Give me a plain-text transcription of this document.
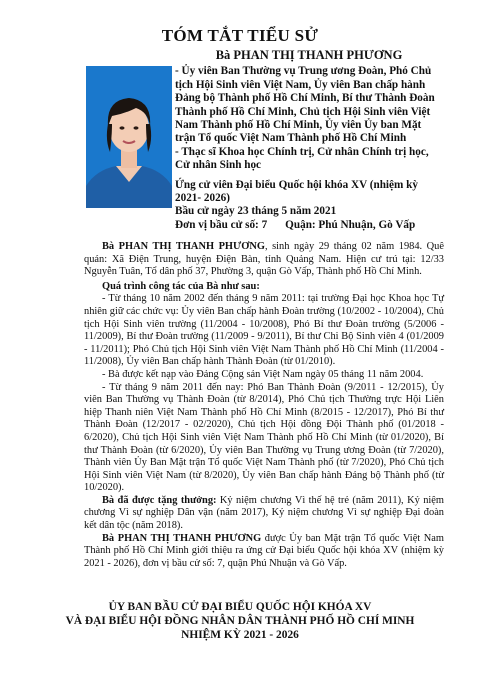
TÓM TẮT TIỂU SỬ

Bà PHAN THỊ THANH PHƯƠNG

- Ủy viên Ban Thường vụ Trung ương Đoàn, Phó Chủ tịch Hội Sinh viên Việt Nam, Ủy viên Ban chấp hành Đảng bộ Thành phố Hồ Chí Minh, Bí thư Thành Đoàn Thành phố Hồ Chí Minh, Chủ tịch Hội Sinh viên Việt Nam Thành phố Hồ Chí Minh, Ủy viên Ủy ban Mặt trận Tổ quốc Việt Nam Thành phố Hồ Chí Minh

- Thạc sĩ Khoa học Chính trị, Cử nhân Chính trị học, Cử nhân Sinh học

Ứng cử viên Đại biểu Quốc hội khóa XV (nhiệm kỳ 2021- 2026)

Bầu cử ngày 23 tháng 5 năm 2021

Đơn vị bầu cử số: 7 Quận: Phú Nhuận, Gò Vấp

Bà PHAN THỊ THANH PHƯƠNG, sinh ngày 29 tháng 02 năm 1984. Quê quán: Xã Điện Trung, huyện Điện Bàn, tỉnh Quảng Nam. Hiện cư trú tại: 12/33 Nguyễn Tuân, Tổ dân phố 37, Phường 3, quận Gò Vấp, Thành phố Hồ Chí Minh.

Quá trình công tác của Bà như sau:

- Từ tháng 10 năm 2002 đến tháng 9 năm 2011: tại trường Đại học Khoa học Tự nhiên giữ các chức vụ: Ủy viên Ban chấp hành Đoàn trường (10/2002 - 10/2004), Chủ tịch Hội Sinh viên trường (11/2004 - 10/2008), Phó Bí thư Đoàn trường (5/2006 - 11/2009), Bí thư Đoàn trường (11/2009 - 9/2011), Bí thư Chi Bộ Sinh viên 4 (01/2009 - 11/2011); Phó Chủ tịch Hội Sinh viên Việt Nam Thành phố Hồ Chí Minh (11/2004 - 11/2008), Ủy viên Ban chấp hành Thành Đoàn (từ 01/2010).

- Bà được kết nạp vào Đảng Cộng sản Việt Nam ngày 05 tháng 11 năm 2004.

- Từ tháng 9 năm 2011 đến nay: Phó Ban Thành Đoàn (9/2011 - 12/2015), Ủy viên Ban Thường vụ Thành Đoàn (từ 8/2014), Phó Chủ tịch Thường trực Hội Liên hiệp Thanh niên Việt Nam Thành phố Hồ Chí Minh (8/2015 - 12/2017), Phó Bí thư Thành Đoàn (12/2017 - 02/2020), Chủ tịch Hội đồng Đội Thành phố (01/2018 - 6/2020), Chủ tịch Hội Sinh viên Việt Nam Thành phố Hồ Chí Minh (từ 01/2020), Bí thư Thành Đoàn (từ 6/2020), Ủy viên Ban Thường vụ Trung ương Đoàn (từ 7/2020), Thành viên Ủy Ban Mặt trận Tổ quốc Việt Nam Thành phố (từ 7/2020), Phó Chủ tịch Hội Sinh viên Việt Nam (từ 8/2020), Ủy viên Ban chấp hành Đảng bộ Thành phố (từ 10/2020).

Bà đã được tặng thưởng: Kỷ niệm chương Vì thế hệ trẻ (năm 2011), Kỷ niệm chương Vì sự nghiệp Dân vận (năm 2017), Kỷ niệm chương Vì sự nghiệp Đại đoàn kết dân tộc (năm 2018).

Bà PHAN THỊ THANH PHƯƠNG được Ủy ban Mặt trận Tổ quốc Việt Nam Thành phố Hồ Chí Minh giới thiệu ra ứng cử Đại biểu Quốc hội khóa XV (nhiệm kỳ 2021 - 2026), đơn vị bầu cử số: 7, quận Phú Nhuận và Gò Vấp.

ỦY BAN BẦU CỬ ĐẠI BIỂU QUỐC HỘI KHÓA XV

VÀ ĐẠI BIỂU HỘI ĐỒNG NHÂN DÂN THÀNH PHỐ HỒ CHÍ MINH

NHIỆM KỲ 2021 - 2026
